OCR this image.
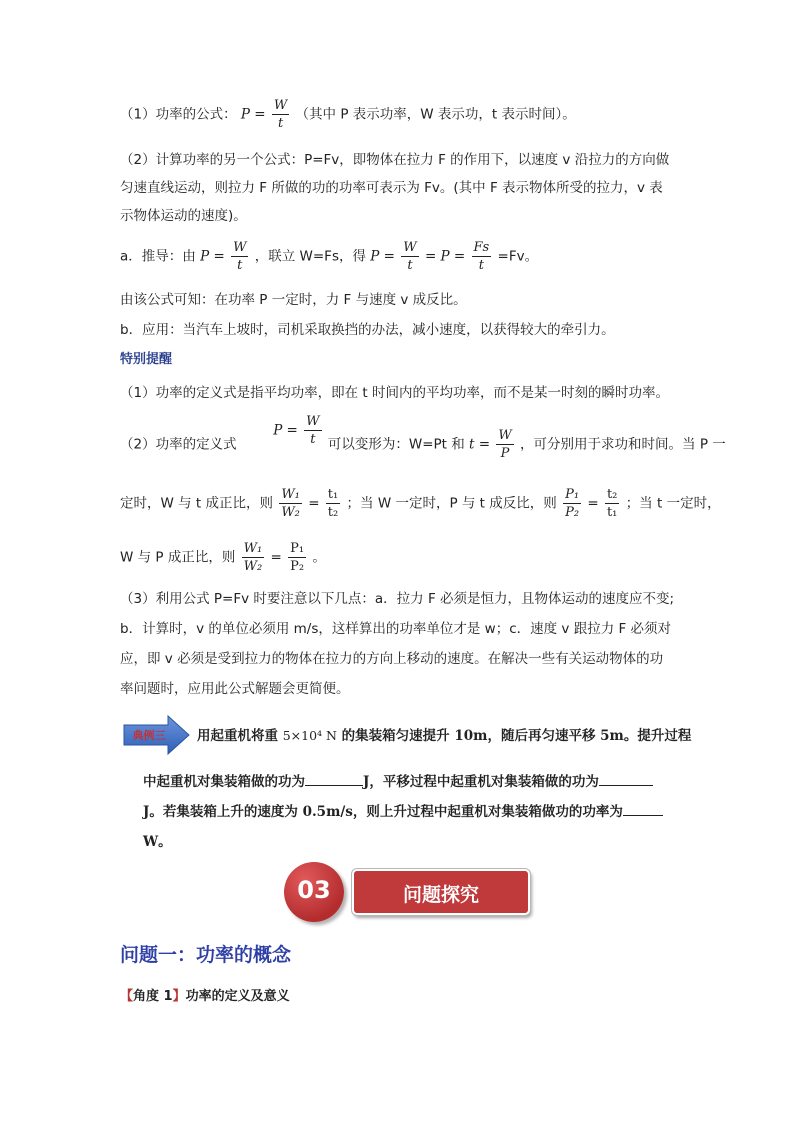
（1）功率的公式： $P = \frac{W}{t}$ （其中 P 表示功率，W 表示功，t 表示时间）。
（2）计算功率的另一个公式：P=Fv，即物体在拉力 F 的作用下，以速度 v 沿拉力的方向做
匀速直线运动，则拉力 F 所做的功的功率可表示为 Fv。(其中 F 表示物体所受的拉力，v 表
示物体运动的速度)。
a．推导：由 $P = \frac{W}{t}$ ，联立 W=Fs，得 $P = \frac{W}{t} = P = \frac{Fs}{t} =Fv$。
由该公式可知：在功率 P 一定时，力 F 与速度 v 成反比。
b．应用：当汽车上坡时，司机采取换挡的办法，减小速度，以获得较大的牵引力。
特别提醒
（1）功率的定义式是指平均功率，即在 t 时间内的平均功率，而不是某一时刻的瞬时功率。
（2）功率的定义式  $P = \frac{W}{t}$ 可以变形为：W=Pt 和 $t = \frac{W}{P}$ ，可分别用于求功和时间。当 P 一
定时，W 与 t 成正比，则 $\frac{\text{W₁}}{\text{W₂}} = \frac{\text{t₁}}{\text{t₂}}$ ；当 W 一定时，P 与 t 成反比，则 $\frac{\text{P₁}}{\text{P₂}} = \frac{\text{t₂}}{\text{t₁}}$ ；当 t 一定时，
W 与 P 成正比，则 $\frac{\text{W₁}}{\text{W₂}} = \frac{\text{P₁}}{\text{P₂}}$ 。
（3）利用公式 P=Fv 时要注意以下几点：a．拉力 F 必须是恒力，且物体运动的速度应不变;
b．计算时，v 的单位必须用 m/s，这样算出的功率单位才是 w；c．速度 v 跟拉力 F 必须对
应，即 v 必须是受到拉力的物体在拉力的方向上移动的速度。在解决一些有关运动物体的功
率问题时，应用此公式解题会更简便。
典例三	用起重机将重 5×10⁴ N 的集装箱匀速提升 10m，随后再匀速平移 5m。提升过程
中起重机对集装箱做的功为	J，平移过程中起重机对集装箱做的功为
J。若集装箱上升的速度为 0.5m/s，则上升过程中起重机对集装箱做功的功率为
W。
问题探究
03
问题一：功率的概念
【角度 1】功率的定义及意义
